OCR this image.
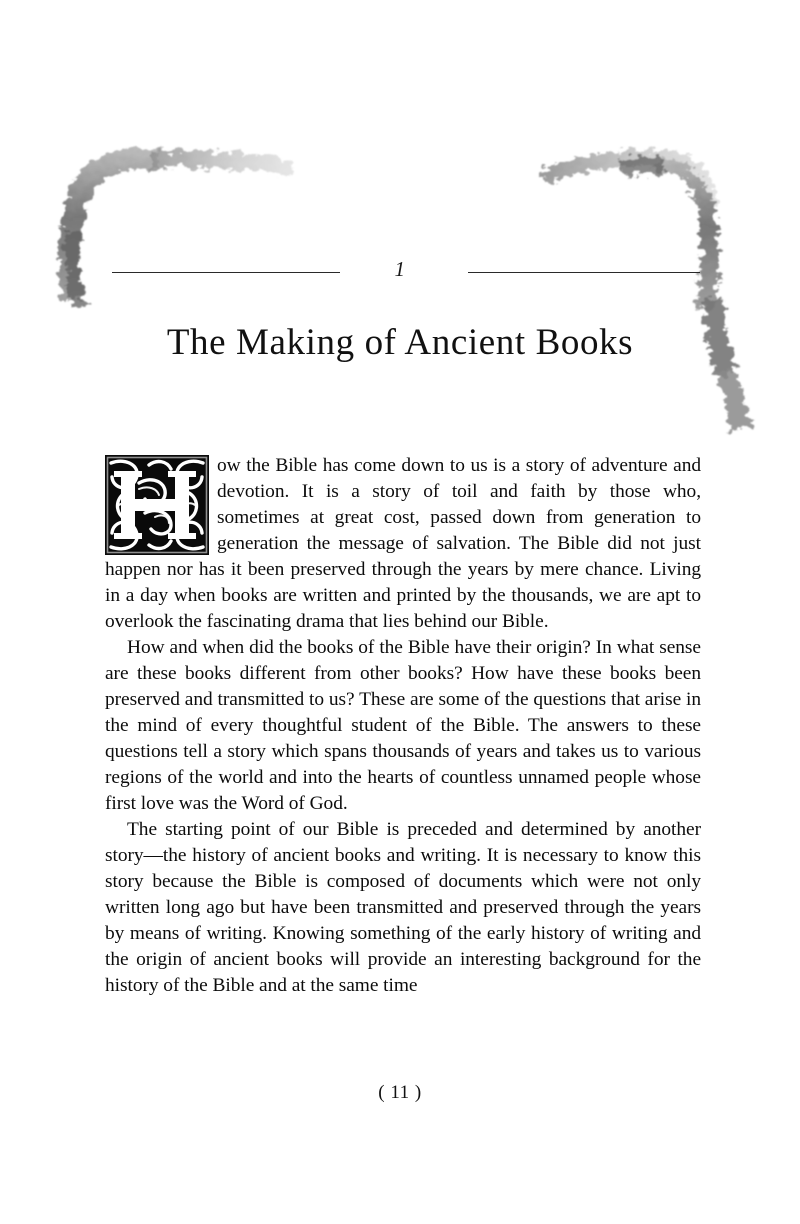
1
The Making of Ancient Books

ow the Bible has come down to us is a story of adventure and devotion. It is a story of toil and faith by those who, sometimes at great cost, passed down from generation to generation the message of salvation. The Bible did not just happen nor has it been preserved through the years by mere chance. Living in a day when books are written and printed by the thousands, we are apt to overlook the fascinating drama that lies behind our Bible.

How and when did the books of the Bible have their origin? In what sense are these books different from other books? How have these books been preserved and transmitted to us? These are some of the questions that arise in the mind of every thoughtful student of the Bible. The answers to these questions tell a story which spans thousands of years and takes us to various regions of the world and into the hearts of countless unnamed people whose first love was the Word of God.

The starting point of our Bible is preceded and determined by another story—the history of ancient books and writing. It is necessary to know this story because the Bible is composed of documents which were not only written long ago but have been transmitted and preserved through the years by means of writing. Knowing something of the early history of writing and the origin of ancient books will provide an interesting background for the history of the Bible and at the same time

( 11 )
